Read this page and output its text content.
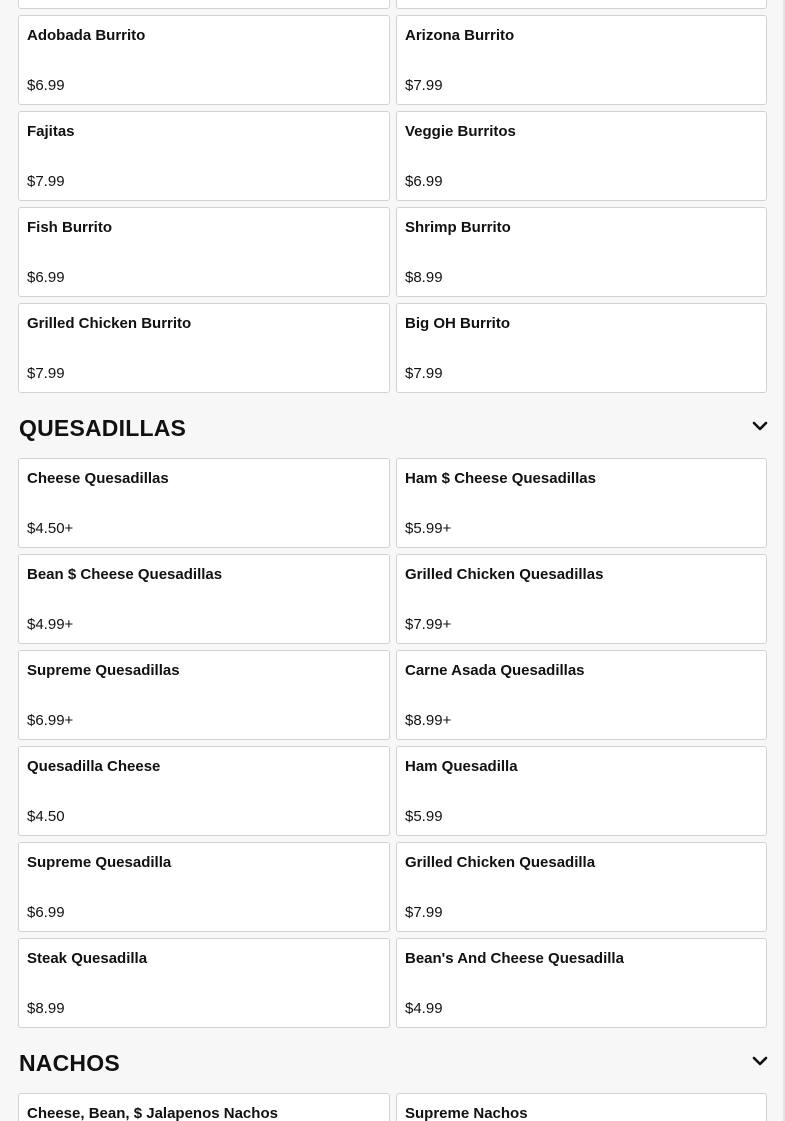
Adobada Burrito
$6.99
Arizona Burrito
$7.99
Fajitas
$7.99
Veggie Burritos
$6.99
Fish Burrito
$6.99
Shrimp Burrito
$8.99
Grilled Chicken Burrito
$7.99
Big OH Burrito
$7.99
QUESADILLAS
Cheese Quesadillas
$4.50+
Ham $ Cheese Quesadillas
$5.99+
Bean $ Cheese Quesadillas
$4.99+
Grilled Chicken Quesadillas
$7.99+
Supreme Quesadillas
$6.99+
Carne Asada Quesadillas
$8.99+
Quesadilla Cheese
$4.50
Ham Quesadilla
$5.99
Supreme Quesadilla
$6.99
Grilled Chicken Quesadilla
$7.99
Steak Quesadilla
$8.99
Bean's And Cheese Quesadilla
$4.99
NACHOS
Cheese, Bean, $ Jalapenos Nachos	Supreme Nachos
